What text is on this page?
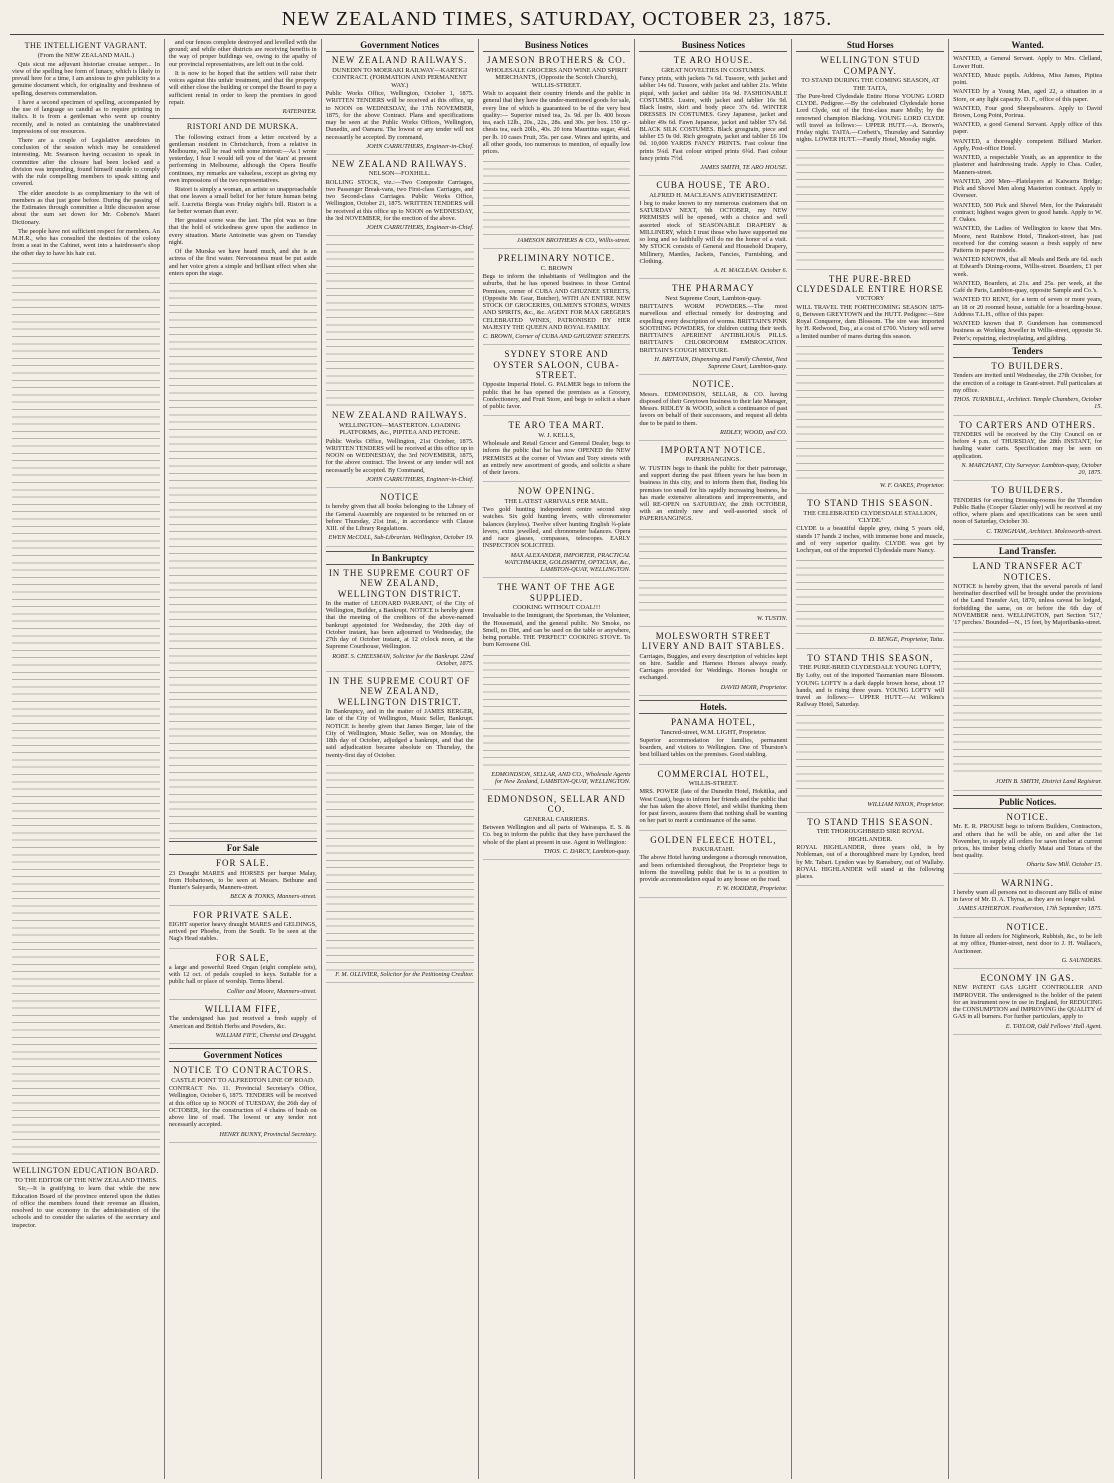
NEW ZEALAND TIMES, SATURDAY, OCTOBER 23, 1875.
THE INTELLIGENT VAGRANT.
(From the NEW ZEALAND MAIL.)

Quis sicut me adjuvant historiae creatae semper... In view of the spelling bee form of lunacy, which is likely to prevail here for a time, I am anxious to give publicity to a genuine document which, for originality and freshness of spelling, deserves commendation.

I have a second specimen of spelling, accompanied by the use of language so candid as to require printing in italics. It is from a gentleman who went up country recently, and is noted as containing the unabbreviated impressions of our resources.

There are a couple of Legislative anecdotes in conclusion of the session which may be considered interesting. Mr. Swanson having occasion to speak in committee after the closure had been locked and a division was impending, found himself unable to comply with the rule compelling members to speak sitting and covered.

The elder anecdote is as complimentary to the wit of members as that just gone before. During the passing of the Estimates through committee a little discussion arose about the sum set down for Mr. Cobeno's Maori Dictionary.

The people have not sufficient respect for members. An M.H.R., who has consulted the destinies of the colony from a seat in the Cabinet, went into a hairdresser's shop the other day to have his hair cut.

WELLINGTON EDUCATION BOARD.
TO THE EDITOR OF THE NEW ZEALAND TIMES.

Sir,—It is gratifying to learn that while the new Education Board of the province entered upon the duties of office the members found their revenue an illusion, resolved to use economy in the administration of the schools and to consider the salaries of the secretary and inspector.

and our fences complete destroyed and levelled with the ground; and while other districts are receiving benefits in the way of proper buildings we, owing to the apathy of our provincial representatives, are left out in the cold.

It is now to be hoped that the settlers will raise their voices against this unfair treatment, and that the property will either close the building or compel the Board to pay a sufficient rental in order to keep the premises in good repair.

RATEPAYER.
RISTORI AND DE MURSKA.

The following extract from a letter received by a gentleman resident in Christchurch, from a relative in Melbourne, will be read with some interest:—As I wrote yesterday, I fear I would tell you of the 'stars' at present performing in Melbourne, although the Opera Bouffe continues, my remarks are valueless, except as giving my own impressions of the two representatives.

Ristori is simply a woman, an artiste so unapproachable that one leaves a small belief for her future human being self. Lucretia Borgia was Friday night's bill. Ristori is a far better woman than ever.

Her greatest scene was the last. The plot was so fine that the hold of wickedness grew upon the audience in every situation. Marie Antoinette was given on Tuesday night.

Of the Murska we have heard much, and she is an actress of the first water. Nervousness must be put aside and her voice gives a simple and brilliant effect when she enters upon the stage.

For Sale
FOR SALE.

23 Draught MARES and HORSES per barque Malay, from Hobartown, to be seen at Messrs. Bethune and Hunter's Saleyards, Manners-street.

BECK & TONKS, Manners-street.
FOR PRIVATE SALE.

EIGHT superior heavy draught MARES and GELDINGS, arrived per Phoebe, from the South. To be seen at the Nag's Head stables.

FOR SALE,

a large and powerful Reed Organ (eight complete sets), with 12 oct. of pedals coupled to keys. Suitable for a public hall or place of worship. Terms liberal.

Collier and Moore, Manners-street.
WILLIAM FIFE,

The undersigned has just received a fresh supply of American and British Herbs and Powders, &c.

WILLIAM FIFE, Chemist and Druggist.
Government Notices
NOTICE TO CONTRACTORS.
CASTLE POINT TO ALFREDTON LINE OF ROAD.

CONTRACT No. 11. Provincial Secretary's Office, Wellington, October 6, 1875. TENDERS will be received at this office up to NOON of TUESDAY, the 26th day of OCTOBER, for the construction of 4 chains of bush on above line of road. The lowest or any tender not necessarily accepted.

HENRY BUNNY, Provincial Secretary.
Government Notices
NEW ZEALAND RAILWAYS.
DUNEDIN TO MOERAKI RAILWAY—KARTIGI CONTRACT. (FORMATION AND PERMANENT WAY.)

Public Works Office, Wellington, October 1, 1875. WRITTEN TENDERS will be received at this office, up to NOON on WEDNESDAY, the 17th NOVEMBER, 1875, for the above Contract. Plans and specifications may be seen at the Public Works Offices, Wellington, Dunedin, and Oamaru. The lowest or any tender will not necessarily be accepted. By command,

JOHN CARRUTHERS, Engineer-in-Chief.
NEW ZEALAND RAILWAYS.
NELSON—FOXHILL.

ROLLING STOCK, viz.:—Two Composite Carriages, two Passenger Break-vans, two First-class Carriages, and two Second-class Carriages. Public Works Office, Wellington, October 21, 1875. WRITTEN TENDERS will be received at this office up to NOON on WEDNESDAY, the 3rd NOVEMBER, for the erection of the above.

JOHN CARRUTHERS, Engineer-in-Chief.
NEW ZEALAND RAILWAYS.
WELLINGTON—MASTERTON. LOADING PLATFORMS, &c., PIPITEA AND PETONE.

Public Works Office, Wellington, 21st October, 1875. WRITTEN TENDERS will be received at this office up to NOON on WEDNESDAY, the 3rd NOVEMBER, 1875, for the above contract. The lowest or any tender will not necessarily be accepted. By Command,

JOHN CARRUTHERS, Engineer-in-Chief.
NOTICE

is hereby given that all books belonging to the Library of the General Assembly are requested to be returned on or before Thursday, 21st inst., in accordance with Clause XIII. of the Library Regulations.

EWEN McCOLL, Sub-Librarian. Wellington, October 19.
In Bankruptcy
IN THE SUPREME COURT OF NEW ZEALAND, WELLINGTON DISTRICT.

In the matter of LEONARD PARRANT, of the City of Wellington, Builder, a Bankrupt. NOTICE is hereby given that the meeting of the creditors of the above-named bankrupt appointed for Wednesday, the 20th day of October instant, has been adjourned to Wednesday, the 27th day of October instant, at 12 o'clock noon, at the Supreme Courthouse, Wellington.

ROBT. S. CHEESMAN, Solicitor for the Bankrupt. 22nd October, 1875.
IN THE SUPREME COURT OF NEW ZEALAND, WELLINGTON DISTRICT.

In Bankruptcy, and in the matter of JAMES BERGER, late of the City of Wellington, Music Seller, Bankrupt. NOTICE is hereby given that James Berger, late of the City of Wellington, Music Seller, was on Monday, the 18th day of October, adjudged a bankrupt, and that the said adjudication became absolute on Thursday, the twenty-first day of October.

F. M. OLLIVIER, Solicitor for the Petitioning Creditor.
Business Notices
JAMESON BROTHERS & CO.
WHOLESALE GROCERS AND WINE AND SPIRIT MERCHANTS, (Opposite the Scotch Church), WILLIS-STREET.

Wish to acquaint their country friends and the public in general that they have the under-mentioned goods for sale, every line of which is guaranteed to be of the very best quality:— Superior mixed tea, 2s. 9d. per lb. 400 boxes tea, each 12lb., 20s., 22s., 28s. and 30s. per box. 150 qr.-chests tea, each 20lb., 40s. 20 tons Mauritius sugar, 4¼d. per lb. 10 cases Fruit, 35s. per case. Wines and spirits, and all other goods, too numerous to mention, of equally low prices.

JAMESON BROTHERS & CO., Willis-street.
PRELIMINARY NOTICE.
C. BROWN

Begs to inform the inhabitants of Wellington and the suburbs, that he has opened business in those Central Premises, corner of CUBA AND GHUZNEE STREETS, (Opposite Mr. Gear, Butcher), WITH AN ENTIRE NEW STOCK OF GROCERIES, OILMEN'S STORES, WINES AND SPIRITS, &c., &c. AGENT FOR MAX GREGER'S CELEBRATED WINES, PATRONISED BY HER MAJESTY THE QUEEN AND ROYAL FAMILY.

C. BROWN, Corner of CUBA AND GHUZNEE STREETS.
SYDNEY STORE AND OYSTER SALOON, CUBA-STREET.

Opposite Imperial Hotel. G. PALMER begs to inform the public that he has opened the premises as a Grocery, Confectionery, and Fruit Store, and begs to solicit a share of public favor.

TE ARO TEA MART.
W. J. KELLS,

Wholesale and Retail Grocer and General Dealer, begs to inform the public that he has now OPENED the NEW PREMISES at the corner of Vivian and Tory streets with an entirely new assortment of goods, and solicits a share of their favors.

NOW OPENING.
THE LATEST ARRIVALS PER MAIL.

Two gold hunting independent centre second stop watches. Six gold hunting levers, with chronometer balances (keyless). Twelve silver hunting English ¾-plate levers, extra jewelled, and chronometer balances. Opera and race glasses, compasses, telescopes. EARLY INSPECTION SOLICITED.

MAX ALEXANDER, IMPORTER, PRACTICAL WATCHMAKER, GOLDSMITH, OPTICIAN, &c., LAMBTON-QUAY, WELLINGTON.
THE WANT OF THE AGE SUPPLIED.
COOKING WITHOUT COAL!!!

Invaluable to the Immigrant, the Sportsman, the Volunteer, the Housemaid, and the general public. No Smoke, no Smell, no Dirt, and can be used on the table or anywhere, being portable. THE 'PERFECT' COOKING STOVE. To burn Kerosene Oil.

EDMONDSON, SELLAR, AND CO., Wholesale Agents for New Zealand, LAMBTON-QUAY, WELLINGTON.
EDMONDSON, SELLAR AND CO.
GENERAL CARRIERS.

Between Wellington and all parts of Wairarapa. E. S. & Co. beg to inform the public that they have purchased the whole of the plant at present in use. Agent in Wellington:

THOS. C. DARCY, Lambton-quay.
Business Notices
TE ARO HOUSE.
GREAT NOVELTIES IN COSTUMES.

Fancy prints, with jackets 7s 6d. Tussore, with jacket and tablier 14s 6d. Tussore, with jacket and tablier 21s. White piqué, with jacket and tablier 16s 9d. FASHIONABLE COSTUMES. Lustre, with jacket and tablier 16s 9d. Black lustre, skirt and body piece 37s 6d. WINTER DRESSES IN COSTUMES. Grey Japanese, jacket and tablier 49s 6d. Fawn Japanese, jacket and tablier 57s 6d. BLACK SILK COSTUMES. Black grosgrain, piece and tablier £5 0s 0d. Rich grosgrain, jacket and tablier £6 10s 0d. 10,000 YARDS FANCY PRINTS. Fast colour fine prints 5¼d. Fast colour striped prints 6¾d. Fast colour fancy prints 7½d.

JAMES SMITH, TE ARO HOUSE.
CUBA HOUSE, TE ARO.
ALFRED H. MACLEAN'S ADVERTISEMENT.

I beg to make known to my numerous customers that on SATURDAY NEXT, 9th OCTOBER, my NEW PREMISES will be opened, with a choice and well assorted stock of SEASONABLE DRAPERY & MILLINERY, which I trust those who have supported me so long and so faithfully will do me the honor of a visit. My STOCK consists of General and Household Drapery, Millinery, Mantles, Jackets, Fancies, Furnishing, and Clothing.

A. H. MACLEAN. October 6.
THE PHARMACY
Next Supreme Court, Lambton-quay.

BRITTAIN'S WORM POWDERS.—The most marvellous and effectual remedy for destroying and expelling every description of worms. BRITTAIN'S PINK SOOTHING POWDERS, for children cutting their teeth. BRITTAIN'S APERIENT ANTIBILIOUS PILLS. BRITTAIN'S CHLOROFORM EMBROCATION. BRITTAIN'S COUGH MIXTURE.

H. BRITTAIN, Dispensing and Family Chemist, Next Supreme Court, Lambton-quay.
NOTICE.

Messrs. EDMONDSON, SELLAR, & CO. having disposed of their Greytown business to their late Manager, Messrs. RIDLEY & WOOD, solicit a continuance of past favors on behalf of their successors, and request all debts due to be paid to them.

RIDLEY, WOOD, and CO.
IMPORTANT NOTICE.
PAPERHANGINGS.

W. TUSTIN begs to thank the public for their patronage, and support during the past fifteen years he has been in business in this city, and to inform them that, finding his premises too small for his rapidly increasing business, he has made extensive alterations and improvements, and will RE-OPEN on SATURDAY, the 28th OCTOBER, with an entirely new and well-assorted stock of PAPERHANGINGS.

W. TUSTIN.
MOLESWORTH STREET LIVERY AND BAIT STABLES.

Carriages, Buggies, and every description of vehicles kept on hire. Saddle and Harness Horses always ready. Carriages provided for Weddings. Horses bought or exchanged.

DAVID MOIR, Proprietor.
Hotels.
PANAMA HOTEL,
Tancred-street, W.M. LIGHT, Proprietor.

Superior accommodation for families, permanent boarders, and visitors to Wellington. One of Thurston's best billiard tables on the premises. Good stabling.

COMMERCIAL HOTEL,
WILLIS-STREET.

MRS. POWER (late of the Dunedin Hotel, Hokitika, and West Coast), begs to inform her friends and the public that she has taken the above Hotel, and whilst thanking them for past favors, assures them that nothing shall be wanting on her part to merit a continuance of the same.

GOLDEN FLEECE HOTEL,
PAKURATAHI.

The above Hotel having undergone a thorough renovation, and been refurnished throughout, the Proprietor begs to inform the travelling public that he is in a position to provide accommodation equal to any house on the road.

F. W. HODDER, Proprietor.
Stud Horses
WELLINGTON STUD COMPANY.
TO STAND DURING THE COMING SEASON, AT THE TAITA,

The Pure-bred Clydesdale Entire Horse YOUNG LORD CLYDE. Pedigree.—By the celebrated Clydesdale horse Lord Clyde, out of the first-class mare Molly; by the renowned champion Blacking. YOUNG LORD CLYDE will travel as follows:— UPPER HUTT.—A. Brown's, Friday night. TAITA.—Corbett's, Thursday and Saturday nights. LOWER HUTT.—Family Hotel, Monday night.

THE PURE-BRED CLYDESDALE ENTIRE HORSE
VICTORY

WILL TRAVEL THE FORTHCOMING SEASON 1875-6, Between GREYTOWN and the HUTT. Pedigree:—Sire Royal Conqueror, dam Blossom. The sire was imported by H. Redwood, Esq., at a cost of £700. Victory will serve a limited number of mares during this season.

W. F. OAKES, Proprietor.
TO STAND THIS SEASON.
THE CELEBRATED CLYDESDALE STALLION, 'CLYDE.'

CLYDE is a beautiful dapple grey, rising 5 years old, stands 17 hands 2 inches, with immense bone and muscle, and of very superior quality. CLYDE was got by Lochryan, out of the imported Clydesdale mare Nancy.

D. BENGE, Proprietor, Taita.
TO STAND THIS SEASON,
THE PURE-BRED CLYDESDALE YOUNG LOFTY,

By Lofty, out of the imported Tasmanian mare Blossom. YOUNG LOFTY is a dark dapple brown horse, about 17 hands, and is rising three years. YOUNG LOFTY will travel as follows:— UPPER HUTT.—At Wilkins's Railway Hotel, Saturday.

WILLIAM NIXON, Proprietor.
TO STAND THIS SEASON.
THE THOROUGHBRED SIRE ROYAL HIGHLANDER.

ROYAL HIGHLANDER, three years old, is by Nobleman, out of a thoroughbred mare by Lyndon, bred by Mr. Tabart. Lyndon was by Ramsbury, out of Wallaby. ROYAL HIGHLANDER will stand at the following places.

Wanted.

WANTED, a General Servant. Apply to Mrs. Clelland, Lower Hutt.

WANTED, Music pupils. Address, Miss James, Pipitea point.

WANTED by a Young Man, aged 22, a situation in a Store, or any light capacity. D. F., office of this paper.

WANTED, Four good Sheepshearers. Apply to David Brown, Long Point, Porirua.

WANTED, a good General Servant. Apply office of this paper.

WANTED, a thoroughly competent Billiard Marker. Apply, Post-office Hotel.

WANTED, a respectable Youth, as an apprentice to the plasterer and hairdressing trade. Apply to Chas. Cutler, Manners-street.

WANTED, 200 Men—Platelayers at Kaiwarra Bridge; Pick and Shovel Men along Masterton contract. Apply to Overseer.

WANTED, 500 Pick and Shovel Men, for the Pakuratahi contract; highest wages given to good hands. Apply to W. F. Oakes.

WANTED, the Ladies of Wellington to know that Mrs. Moore, next Rainbow Hotel, Tinakori-street, has just received for the coming season a fresh supply of new Patterns in paper models.

WANTED KNOWN, that all Meals and Beds are 6d. each at Edward's Dining-rooms, Willis-street. Boarders, £1 per week.

WANTED, Boarders, at 21s. and 25s. per week, at the Café de Paris, Lambton-quay, opposite Sample and Co.'s.

WANTED TO RENT, for a term of seven or more years, an 18 or 20 roomed house, suitable for a boarding-house. Address T.L.H., office of this paper.

WANTED known that P. Gunderson has commenced business as Working Jeweller in Willis-street, opposite St. Peter's; repairing, electroplating, and gilding.

Tenders
TO BUILDERS.

Tenders are invited until Wednesday, the 27th October, for the erection of a cottage in Grant-street. Full particulars at my office.

THOS. TURNBULL, Architect. Temple Chambers, October 15.
TO CARTERS AND OTHERS.

TENDERS will be received by the City Council on or before 4 p.m. of THURSDAY, the 28th INSTANT, for hauling water carts. Specification may be seen on application.

N. MARCHANT, City Surveyor. Lambton-quay, October 20, 1875.
TO BUILDERS.

TENDERS for erecting Dressing-rooms for the Thorndon Public Baths (Cooper Glazier only) will be received at my office, where plans and specifications can be seen until noon of Saturday, October 30.

C. TRINGHAM, Architect. Molesworth-street.
Land Transfer.
LAND TRANSFER ACT NOTICES.

NOTICE is hereby given, that the several parcels of land hereinafter described will be brought under the provisions of the Land Transfer Act, 1870, unless caveat be lodged, forbidding the same, on or before the 6th day of NOVEMBER next. WELLINGTON, part Section '517,' '17 perches.' Bounded—N., 15 feet, by Majoribanks-street.

JOHN B. SMITH, District Land Registrar.
Public Notices.
NOTICE.

Mr. E. R. PROUSE begs to inform Builders, Contractors, and others that he will be able, on and after the 1st November, to supply all orders for sawn timber at current prices, his timber being chiefly Matai and Totara of the best quality.

Ohariu Saw Mill. October 15.
WARNING.

I hereby warn all persons not to discount any Bills of mine in favor of Mr. D. A. Thyrsa, as they are no longer valid.

JAMES ATHERTON. Featherston, 17th September, 1875.
NOTICE.

In future all orders for Nightwork, Rubbish, &c., to be left at my office, Hunter-street, next door to J. H. Wallace's, Auctioneer.

G. SAUNDERS.
ECONOMY IN GAS.

NEW PATENT GAS LIGHT CONTROLLER AND IMPROVER. The undersigned is the holder of the patent for an instrument now in use in England, for REDUCING the CONSUMPTION and IMPROVING the QUALITY of GAS in all burners. For further particulars, apply to

E. TAYLOR, Odd Fellows' Hall Agent.
